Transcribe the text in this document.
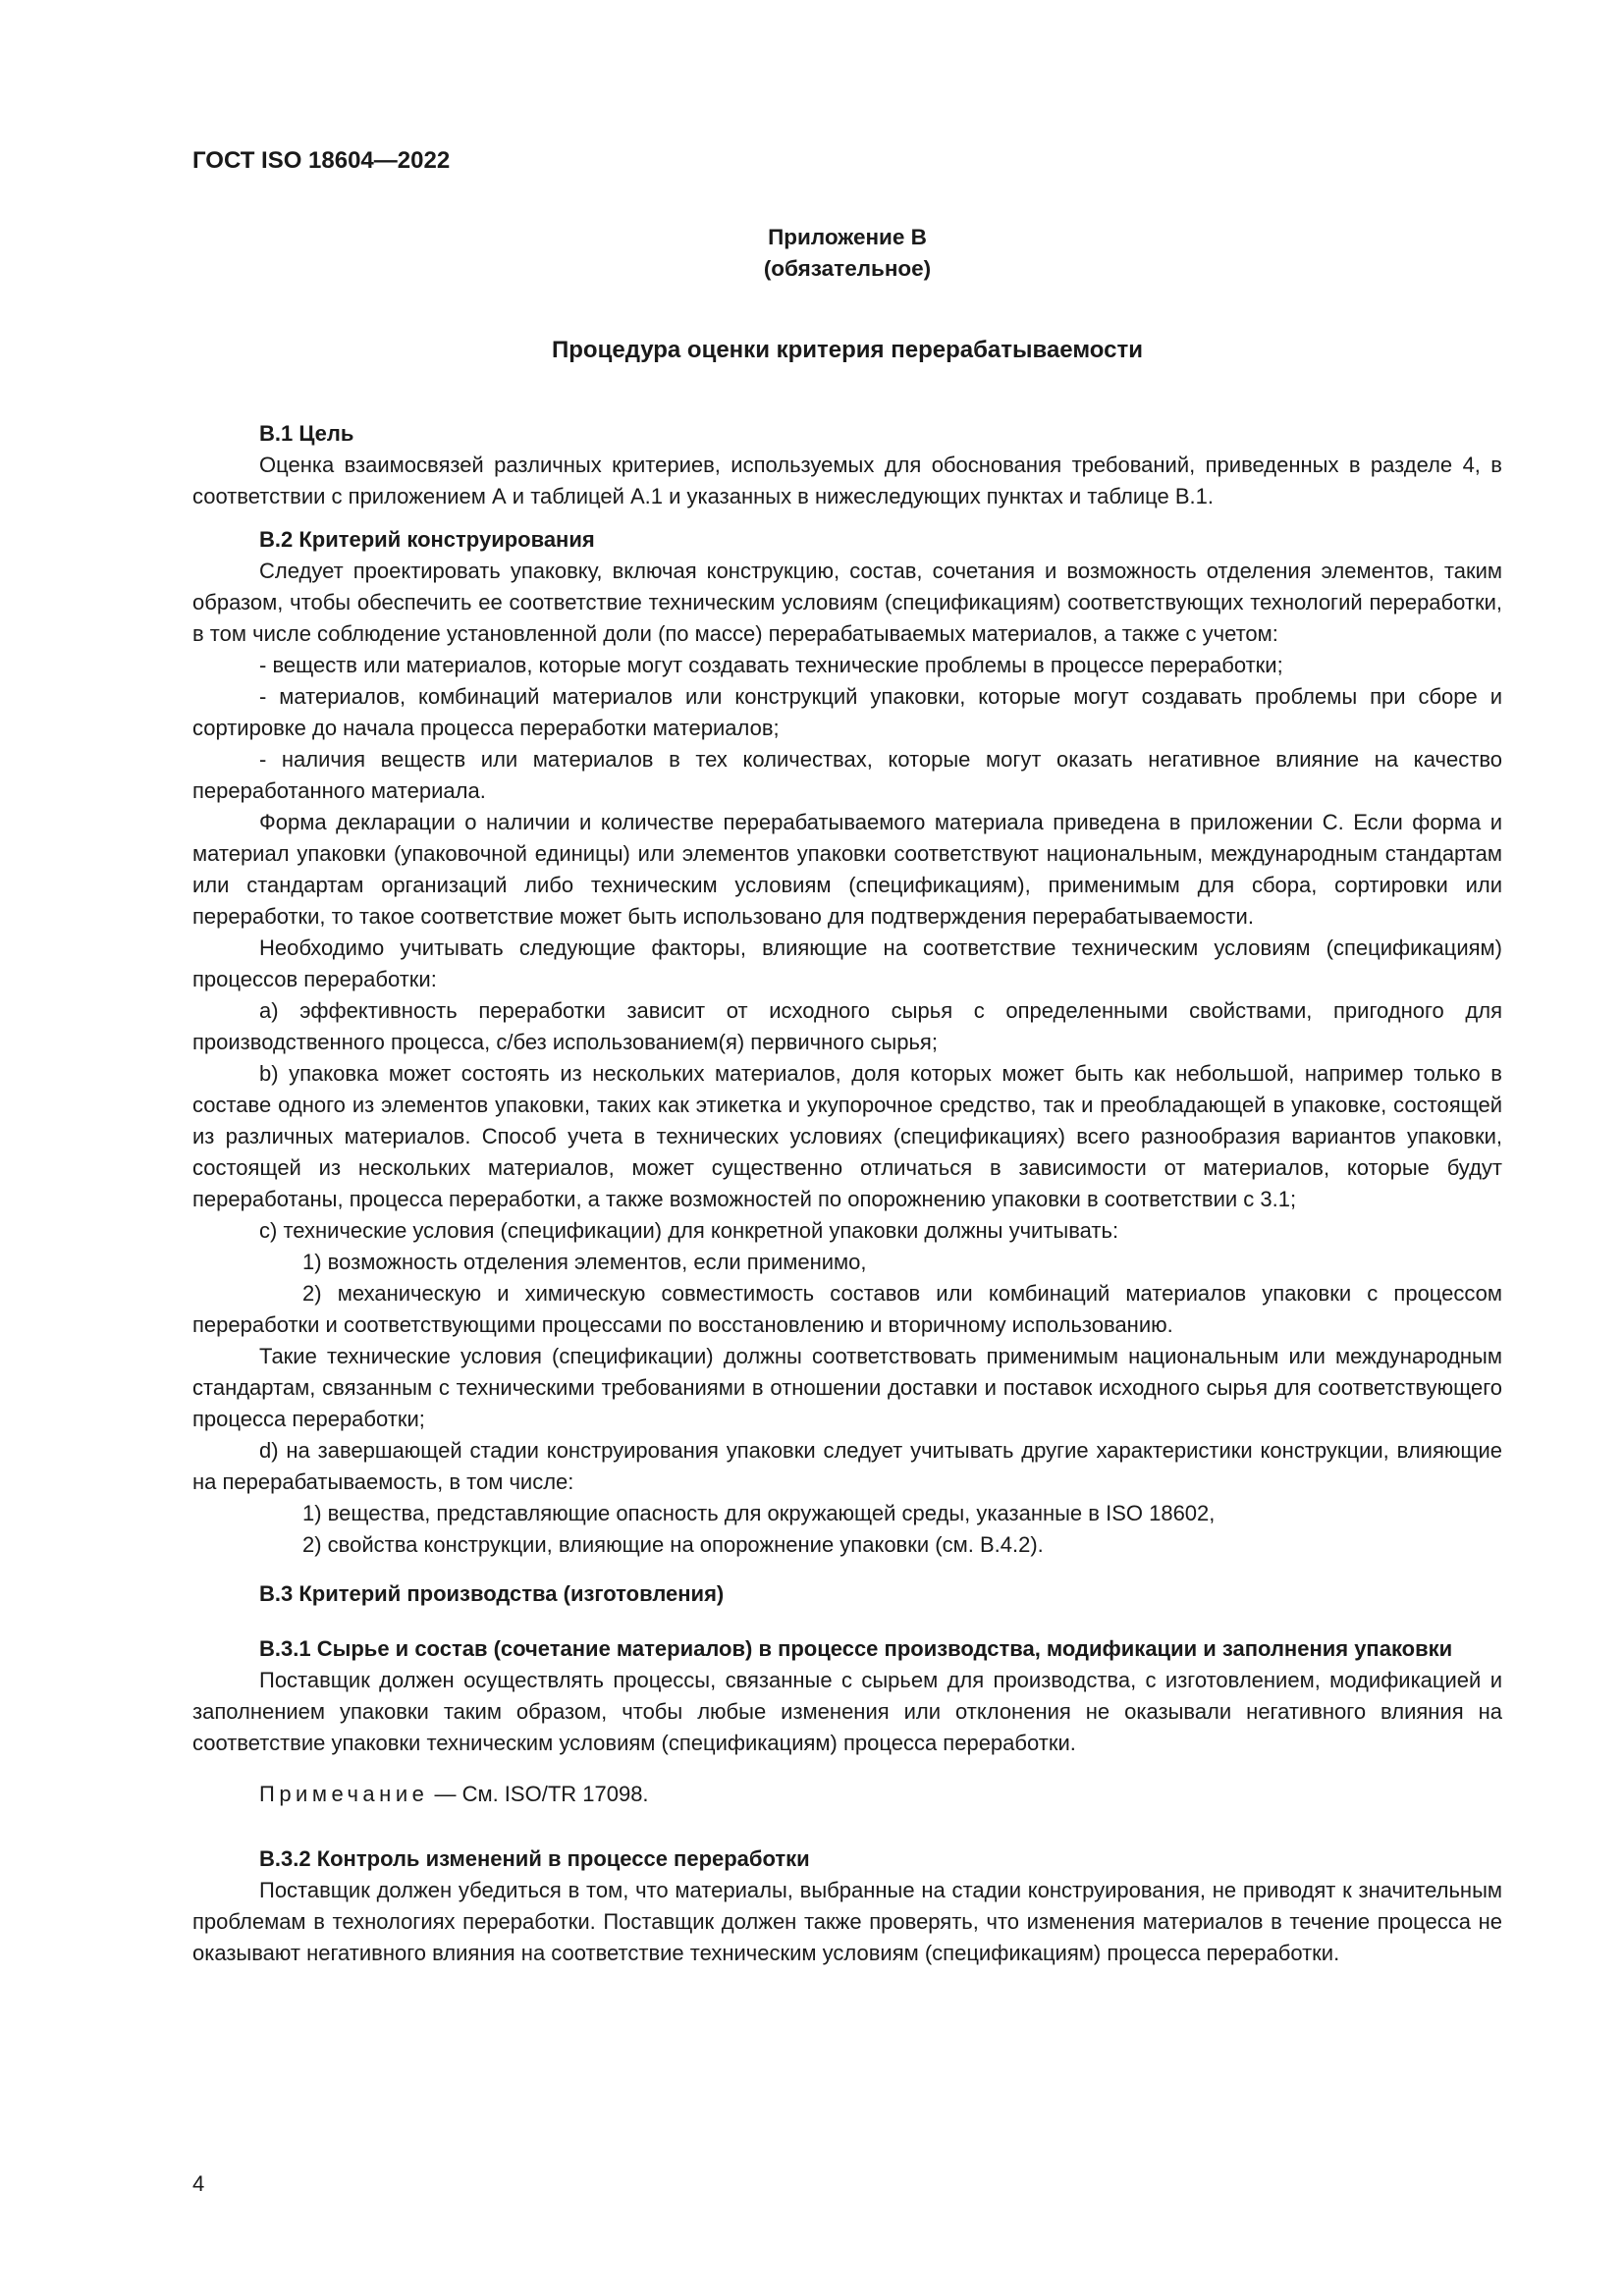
ГОСТ ISO 18604—2022

Приложение В

(обязательное)

Процедура оценки критерия перерабатываемости

В.1 Цель

Оценка взаимосвязей различных критериев, используемых для обоснования требований, приведенных в разделе 4, в соответствии с приложением А и таблицей А.1 и указанных в нижеследующих пунктах и таблице В.1.

В.2 Критерий конструирования

Следует проектировать упаковку, включая конструкцию, состав, сочетания и возможность отделения элементов, таким образом, чтобы обеспечить ее соответствие техническим условиям (спецификациям) соответствующих технологий переработки, в том числе соблюдение установленной доли (по массе) перерабатываемых материалов, а также с учетом:

- веществ или материалов, которые могут создавать технические проблемы в процессе переработки;

- материалов, комбинаций материалов или конструкций упаковки, которые могут создавать проблемы при сборе и сортировке до начала процесса переработки материалов;

- наличия веществ или материалов в тех количествах, которые могут оказать негативное влияние на качество переработанного материала.

Форма декларации о наличии и количестве перерабатываемого материала приведена в приложении С. Если форма и материал упаковки (упаковочной единицы) или элементов упаковки соответствуют национальным, международным стандартам или стандартам организаций либо техническим условиям (спецификациям), применимым для сбора, сортировки или переработки, то такое соответствие может быть использовано для подтверждения перерабатываемости.

Необходимо учитывать следующие факторы, влияющие на соответствие техническим условиям (спецификациям) процессов переработки:

a) эффективность переработки зависит от исходного сырья с определенными свойствами, пригодного для производственного процесса, с/без использованием(я) первичного сырья;

b) упаковка может состоять из нескольких материалов, доля которых может быть как небольшой, например только в составе одного из элементов упаковки, таких как этикетка и укупорочное средство, так и преобладающей в упаковке, состоящей из различных материалов. Способ учета в технических условиях (спецификациях) всего разнообразия вариантов упаковки, состоящей из нескольких материалов, может существенно отличаться в зависимости от материалов, которые будут переработаны, процесса переработки, а также возможностей по опорожнению упаковки в соответствии с 3.1;

c) технические условия (спецификации) для конкретной упаковки должны учитывать:

1) возможность отделения элементов, если применимо,

2) механическую и химическую совместимость составов или комбинаций материалов упаковки с процессом переработки и соответствующими процессами по восстановлению и вторичному использованию.

Такие технические условия (спецификации) должны соответствовать применимым национальным или международным стандартам, связанным с техническими требованиями в отношении доставки и поставок исходного сырья для соответствующего процесса переработки;

d) на завершающей стадии конструирования упаковки следует учитывать другие характеристики конструкции, влияющие на перерабатываемость, в том числе:

1) вещества, представляющие опасность для окружающей среды, указанные в ISO 18602,

2) свойства конструкции, влияющие на опорожнение упаковки (см. В.4.2).

В.3 Критерий производства (изготовления)
В.3.1 Сырье и состав (сочетание материалов) в процессе производства, модификации и заполнения упаковки

Поставщик должен осуществлять процессы, связанные с сырьем для производства, с изготовлением, модификацией и заполнением упаковки таким образом, чтобы любые изменения или отклонения не оказывали негативного влияния на соответствие упаковки техническим условиям (спецификациям) процесса переработки.

Примечание — См. ISO/TR 17098.

В.3.2 Контроль изменений в процессе переработки

Поставщик должен убедиться в том, что материалы, выбранные на стадии конструирования, не приводят к значительным проблемам в технологиях переработки. Поставщик должен также проверять, что изменения материалов в течение процесса не оказывают негативного влияния на соответствие техническим условиям (спецификациям) процесса переработки.

4
